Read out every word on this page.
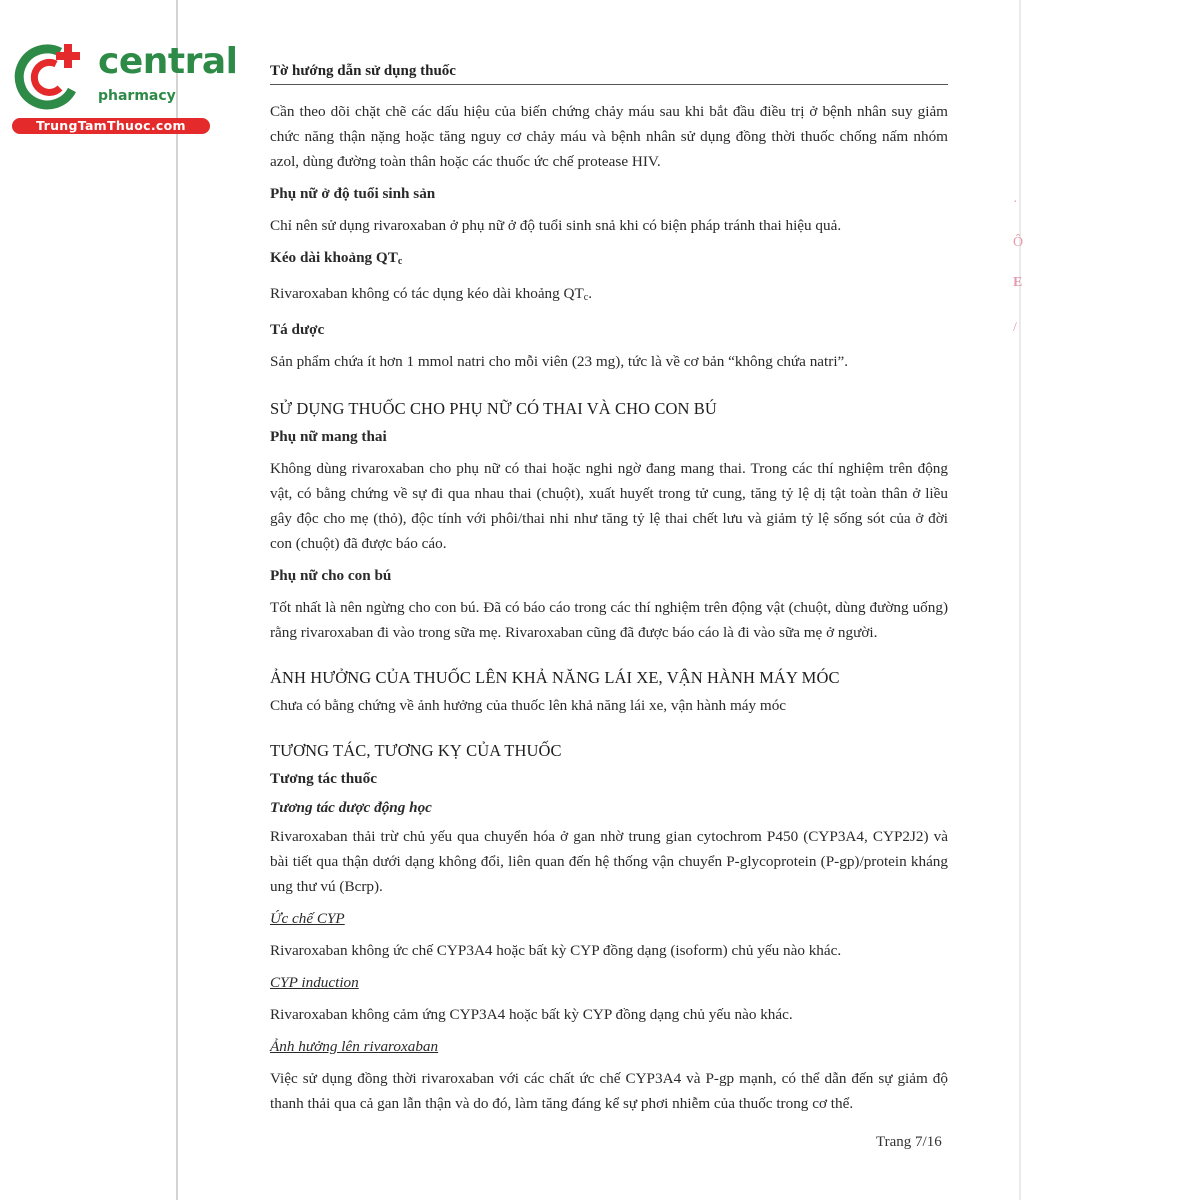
·
Ô
E
/
central
pharmacy
TrungTamThuoc.com
Tờ hướng dẫn sử dụng thuốc

Cần theo dõi chặt chẽ các dấu hiệu của biến chứng chảy máu sau khi bắt đầu điều trị ở bệnh nhân suy giảm chức năng thận nặng hoặc tăng nguy cơ chảy máu và bệnh nhân sử dụng đồng thời thuốc chống nấm nhóm azol, dùng đường toàn thân hoặc các thuốc ức chế protease HIV.

Phụ nữ ở độ tuổi sinh sản

Chỉ nên sử dụng rivaroxaban ở phụ nữ ở độ tuổi sinh snả khi có biện pháp tránh thai hiệu quả.

Kéo dài khoảng $QT_c$

Rivaroxaban không có tác dụng kéo dài khoảng $QT_c$.

Tá dược

Sản phẩm chứa ít hơn 1 mmol natri cho mỗi viên (23 mg), tức là về cơ bản “không chứa natri”.

SỬ DỤNG THUỐC CHO PHỤ NỮ CÓ THAI VÀ CHO CON BÚ
Phụ nữ mang thai

Không dùng rivaroxaban cho phụ nữ có thai hoặc nghi ngờ đang mang thai. Trong các thí nghiệm trên động vật, có bằng chứng về sự đi qua nhau thai (chuột), xuất huyết trong tử cung, tăng tỷ lệ dị tật toàn thân ở liều gây độc cho mẹ (thỏ), độc tính với phôi/thai nhi như tăng tỷ lệ thai chết lưu và giảm tỷ lệ sống sót của ở đời con (chuột) đã được báo cáo.

Phụ nữ cho con bú

Tốt nhất là nên ngừng cho con bú. Đã có báo cáo trong các thí nghiệm trên động vật (chuột, dùng đường uống) rằng rivaroxaban đi vào trong sữa mẹ. Rivaroxaban cũng đã được báo cáo là đi vào sữa mẹ ở người.

ẢNH HƯỞNG CỦA THUỐC LÊN KHẢ NĂNG LÁI XE, VẬN HÀNH MÁY MÓC

Chưa có bằng chứng về ảnh hưởng của thuốc lên khả năng lái xe, vận hành máy móc

TƯƠNG TÁC, TƯƠNG KỴ CỦA THUỐC
Tương tác thuốc
Tương tác dược động học

Rivaroxaban thải trừ chủ yếu qua chuyển hóa ở gan nhờ trung gian cytochrom P450 (CYP3A4, CYP2J2) và bài tiết qua thận dưới dạng không đổi, liên quan đến hệ thống vận chuyển P-glycoprotein (P-gp)/protein kháng ung thư vú (Bcrp).

Ức chế CYP

Rivaroxaban không ức chế CYP3A4 hoặc bất kỳ CYP đồng dạng (isoform) chủ yếu nào khác.

CYP induction

Rivaroxaban không cảm ứng CYP3A4 hoặc bất kỳ CYP đồng dạng chủ yếu nào khác.

Ảnh hưởng lên rivaroxaban

Việc sử dụng đồng thời rivaroxaban với các chất ức chế CYP3A4 và P-gp mạnh, có thể dẫn đến sự giảm độ thanh thải qua cả gan lẫn thận và do đó, làm tăng đáng kể sự phơi nhiễm của thuốc trong cơ thể.

Trang 7/16
